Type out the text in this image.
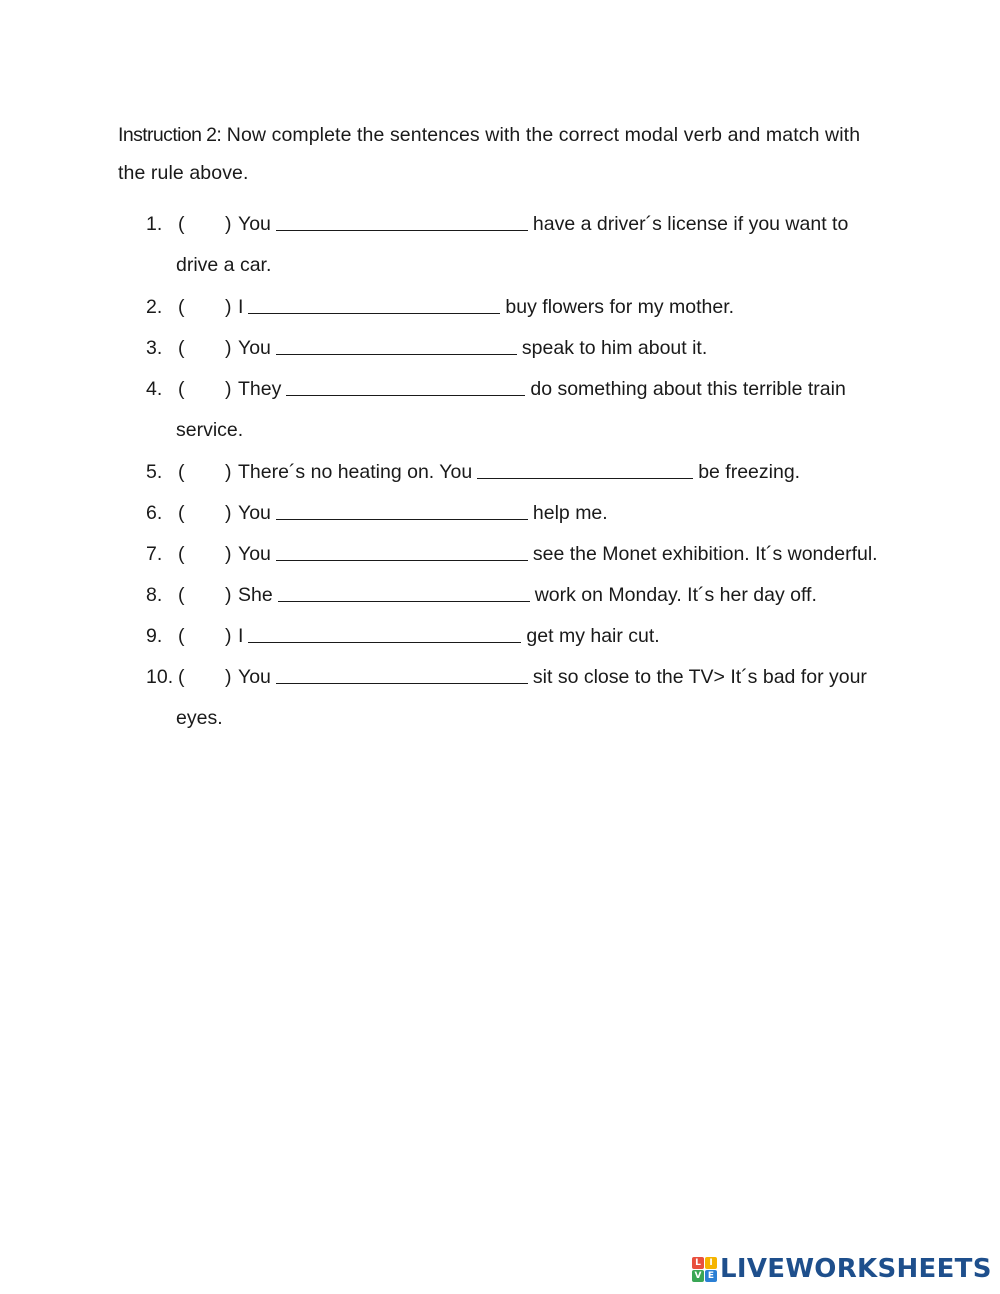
Instruction 2: Now complete the sentences with the correct modal verb and match with the rule above.
1. ( ) You	have a driver´s license if you want to
drive a car.
2. ( ) I	buy flowers for my mother.
3. ( ) You	speak to him about it.
4. ( ) They	do something about this terrible train
service.
5. ( ) There´s no heating on. You	be freezing.
6. ( ) You	help me.
7. ( ) You	see the Monet exhibition. It´s wonderful.
8. ( ) She	work on Monday. It´s her day off.
9. ( ) I	get my hair cut.
10. ( ) You	sit so close to the TV> It´s bad for your
eyes.
L I
V E LIVEWORKSHEETS
